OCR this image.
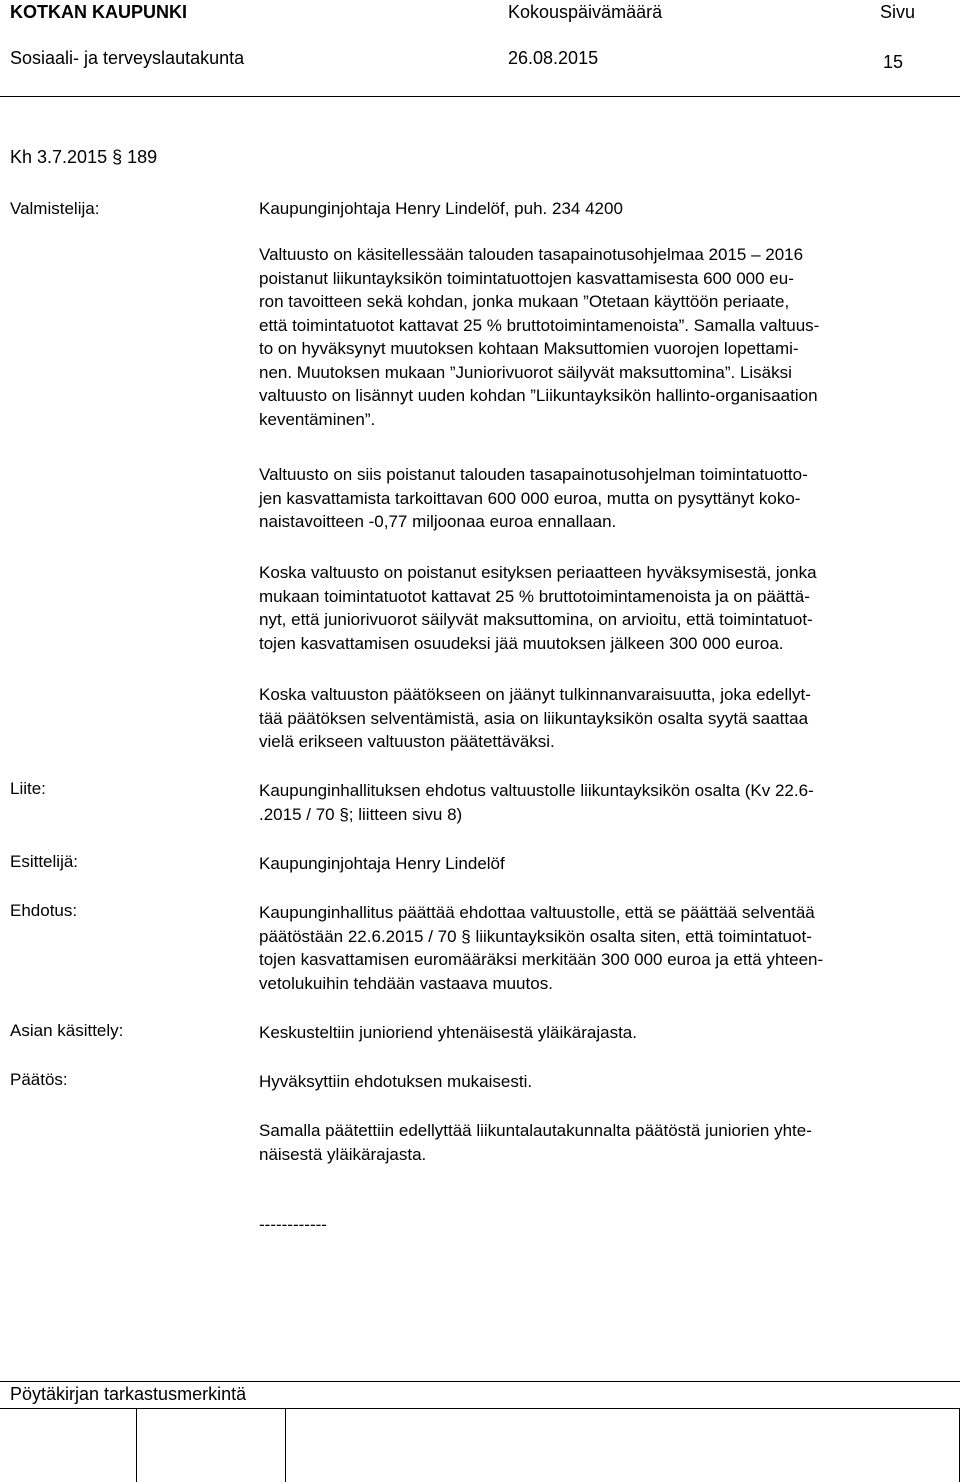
KOTKAN KAUPUNKI	Kokouspäivämäärä	Sivu
Sosiaali- ja terveyslautakunta	26.08.2015	15
Kh 3.7.2015 § 189
Valmistelija:	Kaupunginjohtaja Henry Lindelöf, puh. 234 4200
Valtuusto on käsitellessään talouden tasapainotusohjelmaa 2015 – 2016
poistanut liikuntayksikön toimintatuottojen kasvattamisesta 600 000 eu-
ron tavoitteen sekä kohdan, jonka mukaan ”Otetaan käyttöön periaate,
että toimintatuotot kattavat 25 % bruttotoimintamenoista”. Samalla valtuus-
to on hyväksynyt muutoksen kohtaan Maksuttomien vuorojen lopettami-
nen. Muutoksen mukaan ”Juniorivuorot säilyvät maksuttomina”. Lisäksi
valtuusto on lisännyt uuden kohdan ”Liikuntayksikön hallinto-organisaation
keventäminen”.
Valtuusto on siis poistanut talouden tasapainotusohjelman toimintatuotto-
jen kasvattamista tarkoittavan 600 000 euroa, mutta on pysyttänyt koko-
naistavoitteen -0,77 miljoonaa euroa ennallaan.
Koska valtuusto on poistanut esityksen periaatteen hyväksymisestä, jonka
mukaan toimintatuotot kattavat 25 % bruttotoimintamenoista ja on päättä-
nyt, että juniorivuorot säilyvät maksuttomina, on arvioitu, että toimintatuot-
tojen kasvattamisen osuudeksi jää muutoksen jälkeen 300 000 euroa.
Koska valtuuston päätökseen on jäänyt tulkinnanvaraisuutta, joka edellyt-
tää päätöksen selventämistä, asia on liikuntayksikön osalta syytä saattaa
vielä erikseen valtuuston päätettäväksi.
Liite:	Kaupunginhallituksen ehdotus valtuustolle liikuntayksikön osalta (Kv 22.6-
.2015 / 70 §; liitteen sivu 8)
Esittelijä:	Kaupunginjohtaja Henry Lindelöf
Ehdotus:	Kaupunginhallitus päättää ehdottaa valtuustolle, että se päättää selventää
päätöstään 22.6.2015 / 70 § liikuntayksikön osalta siten, että toimintatuot-
tojen kasvattamisen euromääräksi merkitään 300 000 euroa ja että yhteen-
vetolukuihin tehdään vastaava muutos.
Asian käsittely:	Keskusteltiin junioriend yhtenäisestä yläikärajasta.
Päätös:	Hyväksyttiin ehdotuksen mukaisesti.
Samalla päätettiin edellyttää liikuntalautakunnalta päätöstä juniorien yhte-
näisestä yläikärajasta.
------------
Pöytäkirjan tarkastusmerkintä
